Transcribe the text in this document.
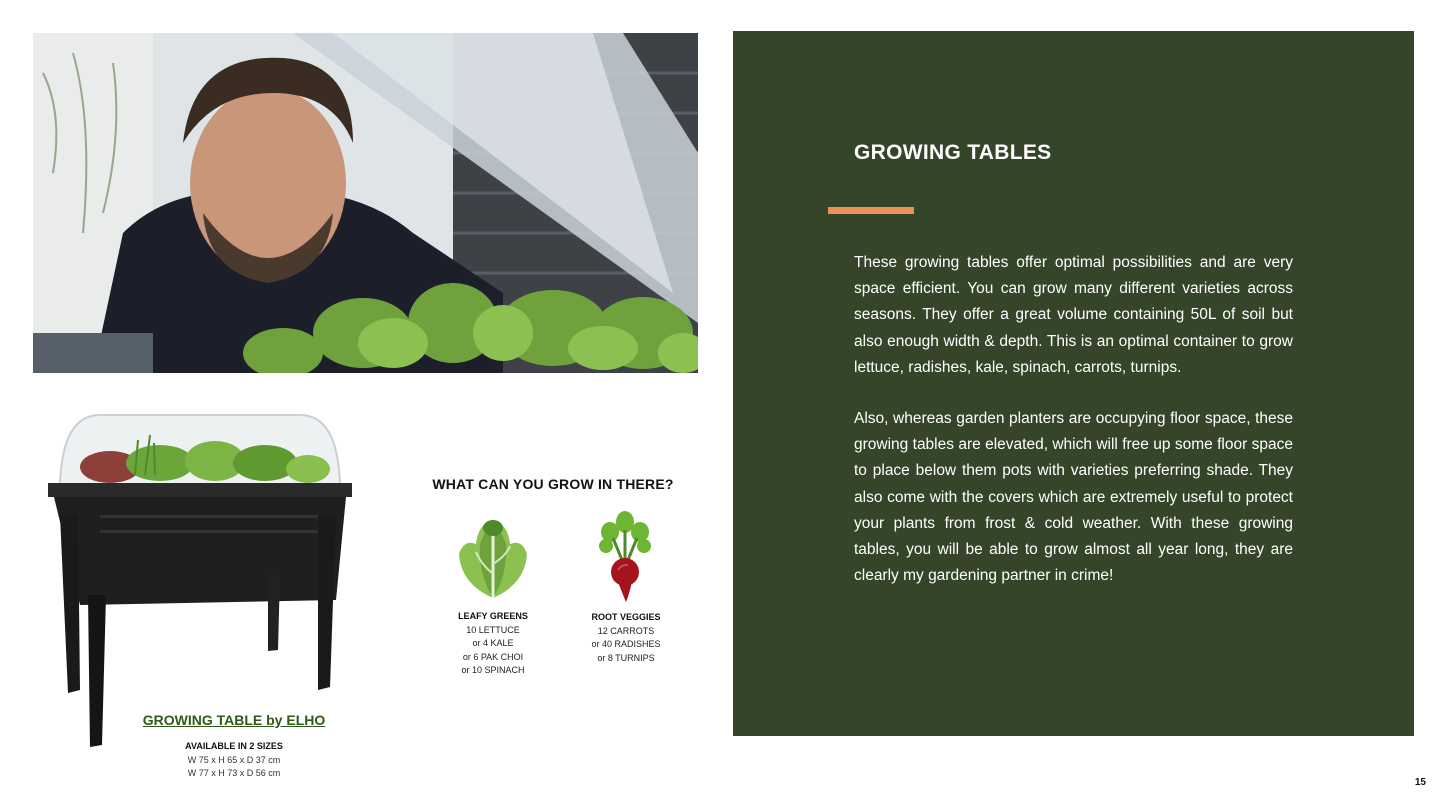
GROWING TABLE by ELHO
AVAILABLE IN 2 SIZES
W 75 x H 65 x D 37 cm
W 77 x H 73 x D 56 cm
WHAT CAN YOU GROW IN THERE?
LEAFY GREENS
10 LETTUCE
or 4 KALE
or 6 PAK CHOI
or 10 SPINACH
ROOT VEGGIES
12 CARROTS
or 40 RADISHES
or 8 TURNIPS
GROWING TABLES

These growing tables offer optimal possibilities and are very space efficient. You can grow many different varieties across seasons. They offer a great volume containing 50L of soil but also enough width & depth. This is an optimal container to grow lettuce, radishes, kale, spinach, carrots, turnips.

Also, whereas garden planters are occupying floor space, these growing tables are elevated, which will free up some floor space to place below them pots with varieties preferring shade. They also come with the covers which are extremely useful to protect your plants from frost & cold weather. With these growing tables, you will be able to grow almost all year long, they are clearly my gardening partner in crime!

15
